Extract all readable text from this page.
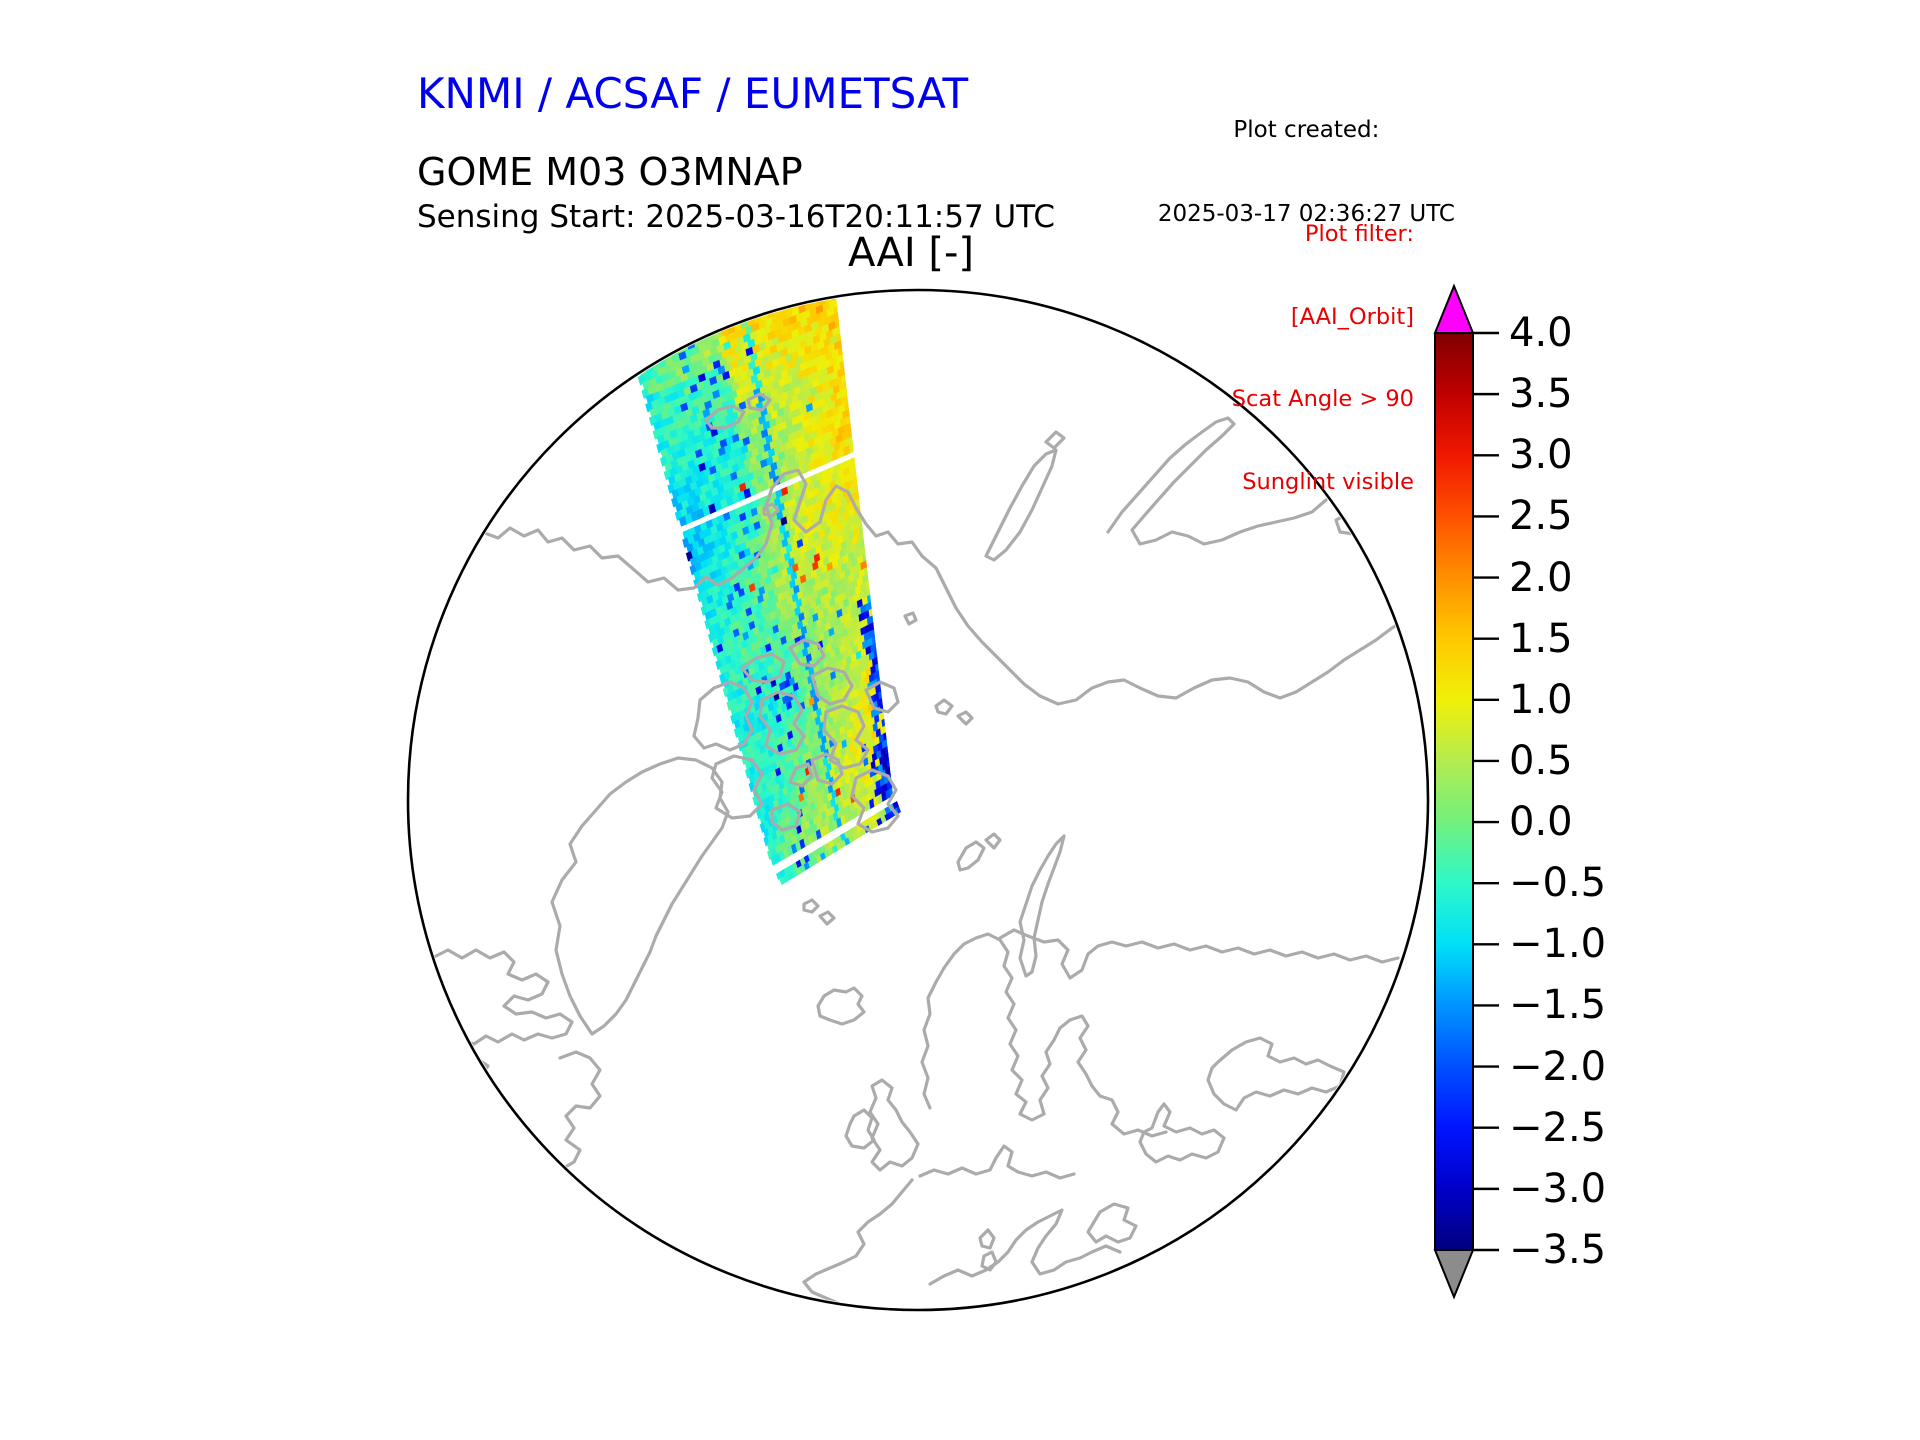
KNMI / ACSAF / EUMETSAT

Plot created:

2025-03-17 02:36:27 UTC

GOME M03 O3MNAP
Sensing Start: 2025-03-16T20:11:57 UTC
AAI [-]

	Plot filter:

[AAI_Orbit]

Scat Angle > 90

Sunglint visible

4.0
3.5
3.0
2.5
2.0
1.5
1.0
0.5
0.0
−0.5
−1.0
−1.5
−2.0
−2.5
−3.0
−3.5
